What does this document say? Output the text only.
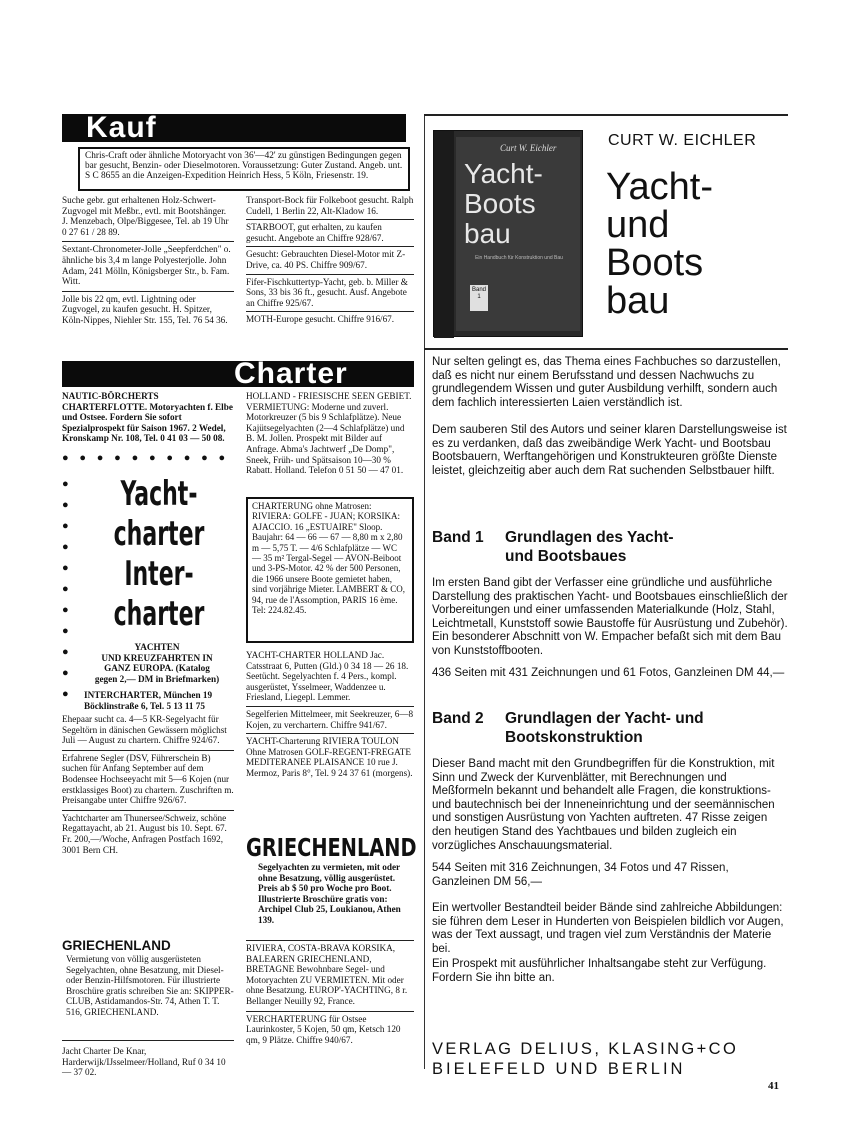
Kauf
Chris-Craft oder ähnliche Motoryacht von 36'—42' zu günstigen Bedingungen gegen bar gesucht, Benzin- oder Dieselmotoren. Voraussetzung: Guter Zustand. Angeb. unt. S C 8655 an die Anzeigen-Expedition Heinrich Hess, 5 Köln, Friesenstr. 19.
Suche gebr. gut erhaltenen Holz-Schwert-Zugvogel mit Meßbr., evtl. mit Bootshänger. J. Menzebach, Olpe/Biggesee, Tel. ab 19 Uhr 0 27 61 / 28 89.
Sextant-Chronometer-Jolle „Seepferdchen" o. ähnliche bis 3,4 m lange Polyesterjolle. John Adam, 241 Mölln, Königsberger Str., b. Fam. Witt.
Jolle bis 22 qm, evtl. Lightning oder Zugvogel, zu kaufen gesucht. H. Spitzer, Köln-Nippes, Niehler Str. 155, Tel. 76 54 36.
Transport-Bock für Folkeboot gesucht. Ralph Cudell, 1 Berlin 22, Alt-Kladow 16.
STARBOOT, gut erhalten, zu kaufen gesucht. Angebote an Chiffre 928/67.
Gesucht: Gebrauchten Diesel-Motor mit Z-Drive, ca. 40 PS. Chiffre 909/67.
Fifer-Fischkuttertyp-Yacht, geb. b. Miller & Sons, 33 bis 36 ft., gesucht. Ausf. Angebote an Chiffre 925/67.
MOTH-Europe gesucht. Chiffre 916/67.
Charter
NAUTIC-BÖRCHERTS CHARTERFLOTTE. Motoryachten f. Elbe und Ostsee. Fordern Sie sofort Spezialprospekt für Saison 1967. 2 Wedel, Kronskamp Nr. 108, Tel. 0 41 03 — 50 08.
● ● ● ● ● ● ● ● ● ●
●
●
●
●
●
●
●
●
●
●
●
Yacht-
charter
Inter-
charter
YACHTEN
UND KREUZFAHRTEN IN
GANZ EUROPA. (Katalog
gegen 2,— DM in Briefmarken)
INTERCHARTER, München 19
Böcklinstraße 6, Tel. 5 13 11 75
Ehepaar sucht ca. 4—5 KR-Segelyacht für Segeltörn in dänischen Gewässern möglichst Juli — August zu chartern. Chiffre 924/67.
Erfahrene Segler (DSV, Führerschein B) suchen für Anfang September auf dem Bodensee Hochseeyacht mit 5—6 Kojen (nur erstklassiges Boot) zu chartern. Zuschriften m. Preisangabe unter Chiffre 926/67.
Yachtcharter am Thunersee/Schweiz, schöne Regattayacht, ab 21. August bis 10. Sept. 67. Fr. 200,—/Woche, Anfragen Postfach 1692, 3001 Bern CH.
GRIECHENLAND
Vermietung von völlig ausgerüsteten Segelyachten, ohne Besatzung, mit Diesel- oder Benzin-Hilfsmotoren. Für illustrierte Broschüre gratis schreiben Sie an: SKIPPER-CLUB, Astidamandos-Str. 74, Athen T. T. 516, GRIECHENLAND.
Jacht Charter De Knar, Harderwijk/IJsselmeer/Holland, Ruf 0 34 10 — 37 02.
HOLLAND - FRIESISCHE SEEN GEBIET. VERMIETUNG: Moderne und zuverl. Motorkreuzer (5 bis 9 Schlafplätze). Neue Kajütsegelyachten (2—4 Schlafplätze) und B. M. Jollen. Prospekt mit Bilder auf Anfrage. Abma's Jachtwerf „De Domp", Sneek, Früh- und Spätsaison 10—30 % Rabatt. Holland. Telefon 0 51 50 — 47 01.
CHARTERUNG ohne Matrosen: RIVIERA: GOLFE - JUAN; KORSIKA: AJACCIO. 16 „ESTUAIRE" Sloop. Baujahr: 64 — 66 — 67 — 8,80 m x 2,80 m — 5,75 T. — 4/6 Schlafplätze — WC — 35 m² Tergal-Segel — AVON-Beiboot und 3-PS-Motor. 42 % der 500 Personen, die 1966 unsere Boote gemietet haben, sind vorjährige Mieter. LAMBERT & CO, 94, rue de l'Assomption, PARIS 16 ème. Tel: 224.82.45.
YACHT-CHARTER HOLLAND Jac. Catsstraat 6, Putten (Gld.) 0 34 18 — 26 18. Seetücht. Segelyachten f. 4 Pers., kompl. ausgerüstet, Ysselmeer, Waddenzee u. Friesland, Liegepl. Lemmer.
Segelferien Mittelmeer, mit Seekreuzer, 6—8 Kojen, zu verchartern. Chiffre 941/67.
YACHT-Charterung RIVIERA TOULON Ohne Matrosen GOLF-REGENT-FREGATE MEDITERANEE PLAISANCE 10 rue J. Mermoz, Paris 8°, Tel. 9 24 37 61 (morgens).
GRIECHENLAND
Segelyachten zu vermieten, mit oder ohne Besatzung, völlig ausgerüstet. Preis ab $ 50 pro Woche pro Boot. Illustrierte Broschüre gratis von: Archipel Club 25, Loukianou, Athen 139.
RIVIERA, COSTA-BRAVA KORSIKA, BALEAREN GRIECHENLAND, BRETAGNE Bewohnbare Segel- und Motoryachten ZU VERMIETEN. Mit oder ohne Besatzung. EUROP'-YACHTING, 8 r. Bellanger Neuilly 92, France.
VERCHARTERUNG für Ostsee Laurinkoster, 5 Kojen, 50 qm, Ketsch 120 qm, 9 Plätze. Chiffre 940/67.
Curt W. Eichler
Yacht-
Boots
bau
Ein Handbuch für Konstruktion und Bau
Band
1
CURT W. EICHLER
Yacht-
und
Boots
bau
Nur selten gelingt es, das Thema eines Fachbuches so darzustellen, daß es nicht nur einem Berufsstand und dessen Nachwuchs zu grundlegendem Wissen und guter Ausbildung verhilft, sondern auch dem fachlich interessierten Laien verständlich ist.
Dem sauberen Stil des Autors und seiner klaren Darstellungsweise ist es zu verdanken, daß das zweibändige Werk Yacht- und Bootsbau Bootsbauern, Werftangehörigen und Konstrukteuren größte Dienste leistet, gleichzeitig aber auch dem Rat suchenden Selbstbauer hilft.
Band 1	Grundlagen des Yacht-
und Bootsbaues
Im ersten Band gibt der Verfasser eine gründliche und ausführliche Darstellung des praktischen Yacht- und Bootsbaues einschließlich der Vorbereitungen und einer umfassenden Materialkunde (Holz, Stahl, Leichtmetall, Kunststoff sowie Baustoffe für Ausrüstung und Zubehör). Ein besonderer Abschnitt von W. Empacher befaßt sich mit dem Bau von Kunststoffbooten.
436 Seiten mit 431 Zeichnungen und 61 Fotos, Ganzleinen DM 44,—
Band 2	Grundlagen der Yacht- und
Bootskonstruktion
Dieser Band macht mit den Grundbegriffen für die Konstruktion, mit Sinn und Zweck der Kurvenblätter, mit Berechnungen und Meßformeln bekannt und behandelt alle Fragen, die konstruktions- und bautechnisch bei der Inneneinrichtung und der seemännischen und sonstigen Ausrüstung von Yachten auftreten. 47 Risse zeigen den heutigen Stand des Yachtbaues und bilden zugleich ein vorzügliches Anschauungsmaterial.
544 Seiten mit 316 Zeichnungen, 34 Fotos und 47 Rissen, Ganzleinen DM 56,—
Ein wertvoller Bestandteil beider Bände sind zahlreiche Abbildungen: sie führen dem Leser in Hunderten von Beispielen bildlich vor Augen, was der Text aussagt, und tragen viel zum Verständnis der Materie bei.
Ein Prospekt mit ausführlicher Inhaltsangabe steht zur Verfügung. Fordern Sie ihn bitte an.
VERLAG DELIUS, KLASING+CO
BIELEFELD UND BERLIN
41
